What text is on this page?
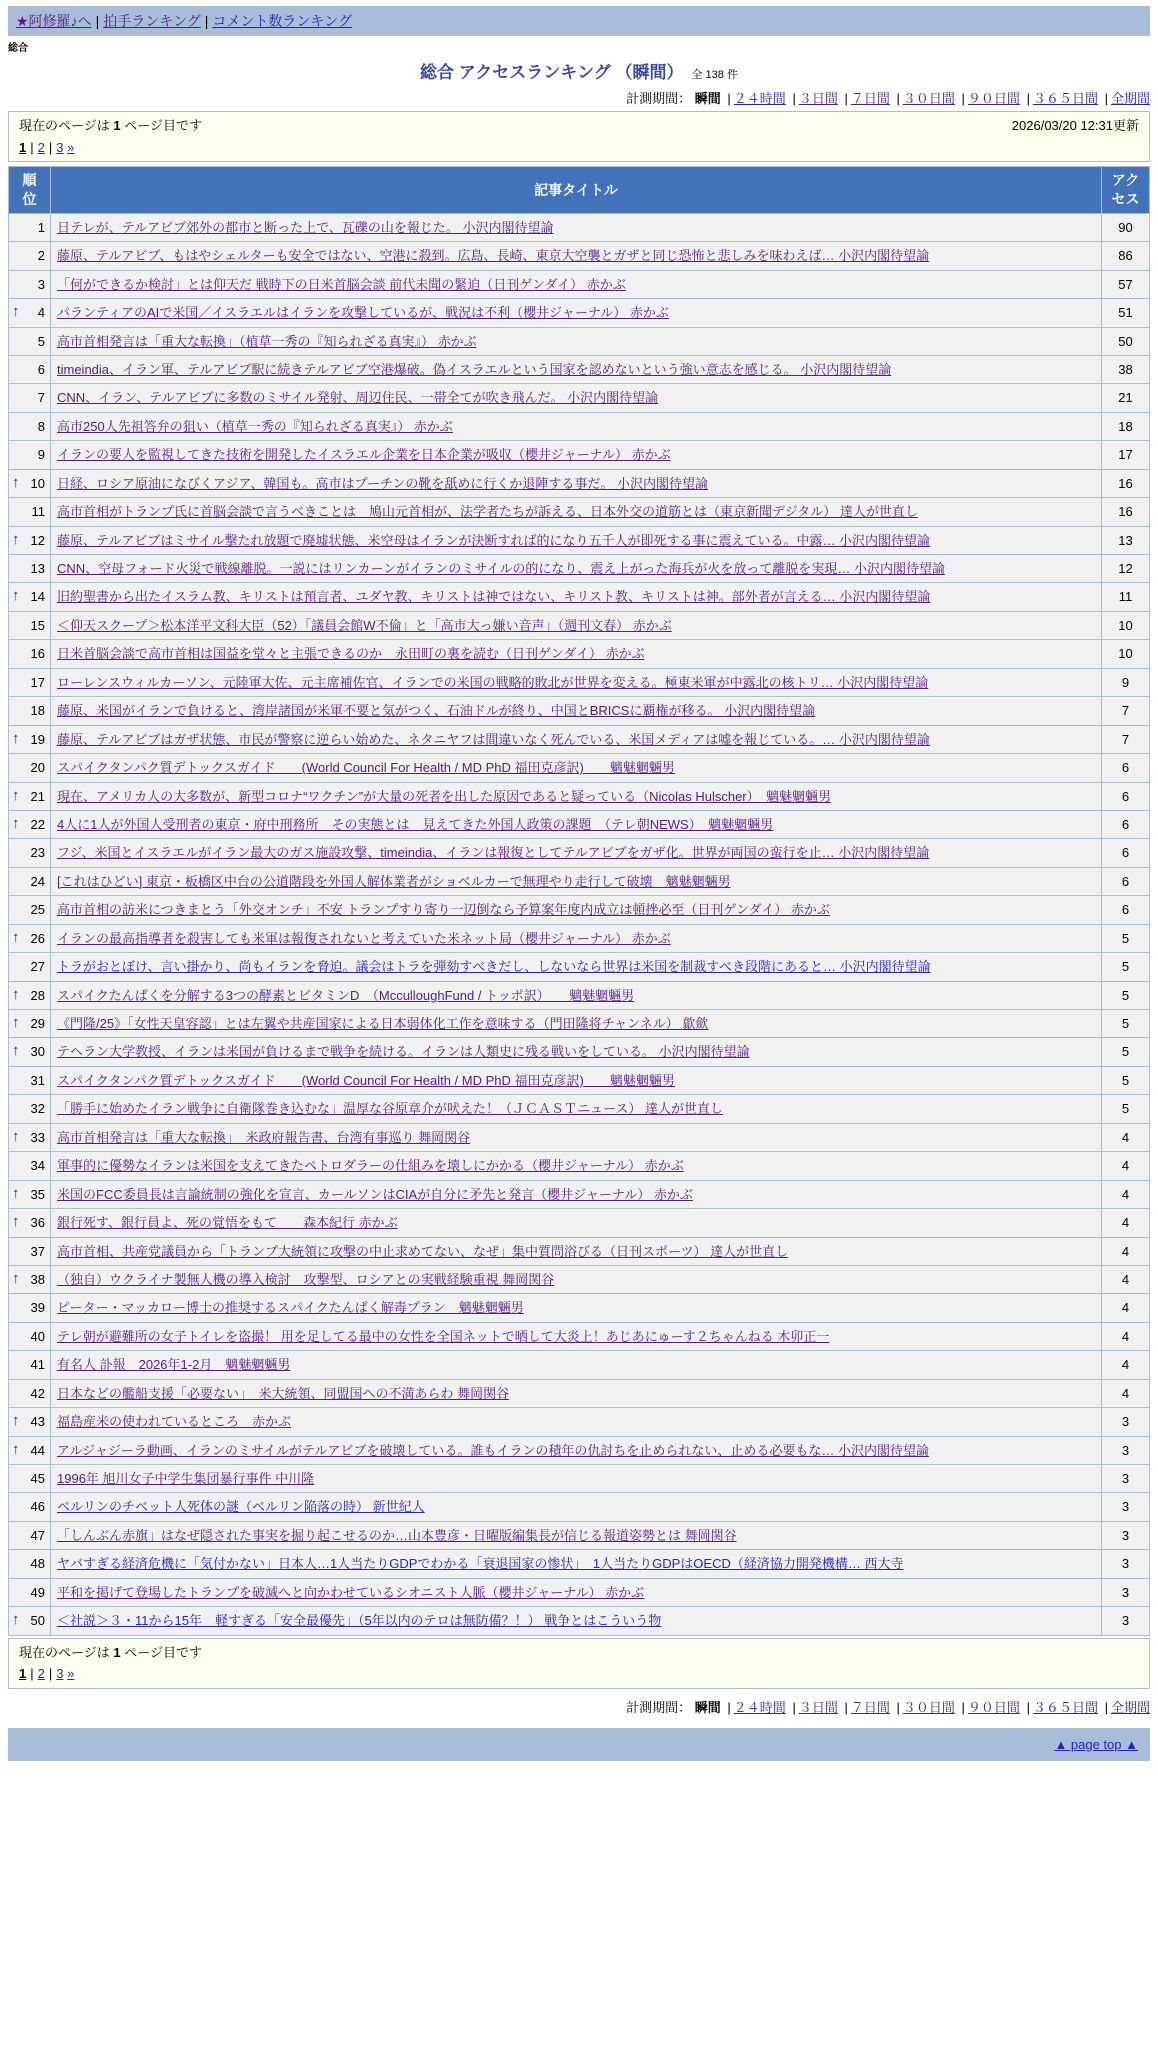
★阿修羅♪へ | 拍手ランキング | コメント数ランキング
総合
総合 アクセスランキング （瞬間） 全 138 件
計測期間： 瞬間 | ２４時間 | ３日間 | ７日間 | ３０日間 | ９０日間 | ３６５日間 | 全期間
現在のページは 1 ページ目です	2026/03/20 12:31更新
1 | 2 | 3 »
順位	記事タイトル	アクセス

1	日テレが、テルアビブ郊外の都市と断った上で、瓦礫の山を報じた。 小沢内閣待望論	90

2	藤原、テルアビブ、もはやシェルターも安全ではない、空港に殺到。広島、長崎、東京大空襲とガザと同じ恐怖と悲しみを味わえば… 小沢内閣待望論	86

3	「何ができるか検討」とは仰天だ 戦時下の日米首脳会談 前代未聞の緊迫（日刊ゲンダイ） 赤かぶ	57

↑ 4	パランティアのAIで米国／イスラエルはイランを攻撃しているが、戦況は不利（櫻井ジャーナル） 赤かぶ	51

5	高市首相発言は「重大な転換」（植草一秀の『知られざる真実』） 赤かぶ	50

6	timeindia、イラン軍、テルアビブ駅に続きテルアビブ空港爆破。偽イスラエルという国家を認めないという強い意志を感じる。 小沢内閣待望論	38

7	CNN、イラン、テルアビブに多数のミサイル発射、周辺住民、一帯全てが吹き飛んだ。 小沢内閣待望論	21

8	高市250人先祖答弁の狙い（植草一秀の『知られざる真実』） 赤かぶ	18

9	イランの要人を監視してきた技術を開発したイスラエル企業を日本企業が吸収（櫻井ジャーナル） 赤かぶ	17

↑ 10	日経、ロシア原油になびくアジア、韓国も。高市はプーチンの靴を舐めに行くか退陣する事だ。 小沢内閣待望論	16

11	高市首相がトランプ氏に首脳会談で言うべきことは　鳩山元首相が、法学者たちが訴える、日本外交の道筋とは（東京新聞デジタル） 達人が世直し	16

↑ 12	藤原、テルアビブはミサイル撃たれ放題で廃墟状態、米空母はイランが決断すれば的になり五千人が即死する事に震えている。中露… 小沢内閣待望論	13

13	CNN、空母フォード火災で戦線離脱。一説にはリンカーンがイランのミサイルの的になり、震え上がった海兵が火を放って離脱を実現… 小沢内閣待望論	12

↑ 14	旧約聖書から出たイスラム教、キリストは預言者、ユダヤ教、キリストは神ではない、キリスト教、キリストは神。部外者が言える… 小沢内閣待望論	11

15	＜仰天スクープ＞松本洋平文科大臣（52）「議員会館W不倫」と「高市大っ嫌い音声」（週刊文春） 赤かぶ	10

16	日米首脳会談で高市首相は国益を堂々と主張できるのか　永田町の裏を読む（日刊ゲンダイ） 赤かぶ	10

17	ローレンスウィルカーソン、元陸軍大佐、元主席補佐官、イランでの米国の戦略的敗北が世界を変える。極東米軍が中露北の核トリ… 小沢内閣待望論	9

18	藤原、米国がイランで負けると、湾岸諸国が米軍不要と気がつく、石油ドルが終り、中国とBRICSに覇権が移る。 小沢内閣待望論	7

↑ 19	藤原、テルアビブはガザ状態、市民が警察に逆らい始めた、ネタニヤフは間違いなく死んでいる、米国メディアは嘘を報じている。… 小沢内閣待望論	7

20	スパイクタンパク質デトックスガイド　　(World Council For Health / MD PhD 福田克彦訳)　　魑魅魍魎男	6

↑ 21	現在、アメリカ人の大多数が、新型コロナ“ワクチン”が大量の死者を出した原因であると疑っている（Nicolas Hulscher）　魑魅魍魎男	6

↑ 22	4人に1人が外国人受刑者の東京・府中刑務所　その実態とは　見えてきた外国人政策の課題　（テレ朝NEWS）　魑魅魍魎男	6

23	フジ、米国とイスラエルがイラン最大のガス施設攻撃、timeindia、イランは報復としてテルアビブをガザ化。世界が両国の蛮行を止… 小沢内閣待望論	6

24	[これはひどい] 東京・板橋区中台の公道階段を外国人解体業者がショベルカーで無理やり走行して破壊　魑魅魍魎男	6

25	高市首相の訪米につきまとう「外交オンチ」不安 トランプすり寄り一辺倒なら予算案年度内成立は頓挫必至（日刊ゲンダイ） 赤かぶ	6

↑ 26	イランの最高指導者を殺害しても米軍は報復されないと考えていた米ネット局（櫻井ジャーナル） 赤かぶ	5

27	トラがおとぼけ、言い掛かり、尚もイランを脅迫。議会はトラを弾劾すべきだし、しないなら世界は米国を制裁すべき段階にあると… 小沢内閣待望論	5

↑ 28	スパイクたんぱくを分解する3つの酵素とビタミンD　（McculloughFund / トッポ訳）　　魑魅魍魎男	5

↑ 29	《門隆/25》「女性天皇容認」とは左翼や共産国家による日本弱体化工作を意味する（門田隆将チャンネル） 歙歛	5

↑ 30	テヘラン大学教授、イランは米国が負けるまで戦争を続ける。イランは人類史に残る戦いをしている。 小沢内閣待望論	5

31	スパイクタンパク質デトックスガイド　　(World Council For Health / MD PhD 福田克彦訳)　　魑魅魍魎男	5

32	「勝手に始めたイラン戦争に自衛隊巻き込むな」温厚な谷原章介が吠えた！（ＪＣＡＳＴニュース） 達人が世直し	5

↑ 33	高市首相発言は「重大な転換」　米政府報告書、台湾有事巡り 舞岡関谷	4

34	軍事的に優勢なイランは米国を支えてきたペトロダラーの仕組みを壊しにかかる（櫻井ジャーナル） 赤かぶ	4

↑ 35	米国のFCC委員長は言論統制の強化を宣言、カールソンはCIAが自分に矛先と発言（櫻井ジャーナル） 赤かぶ	4

↑ 36	銀行死す、銀行員よ、死の覚悟をもて　　森本紀行 赤かぶ	4

37	高市首相、共産党議員から「トランプ大統領に攻撃の中止求めてない、なぜ」集中質問浴びる（日刊スポーツ） 達人が世直し	4

↑ 38	（独自）ウクライナ製無人機の導入検討　攻撃型、ロシアとの実戦経験重視 舞岡関谷	4

39	ピーター・マッカロー博士の推奨するスパイクたんぱく解毒プラン　魑魅魍魎男	4

40	テレ朝が避難所の女子トイレを盗撮！ 用を足してる最中の女性を全国ネットで晒して大炎上！あじあにゅーす２ちゃんねる 木卯正一	4

41	有名人 訃報　2026年1-2月　魑魅魍魎男	4

42	日本などの艦船支援「必要ない」　米大統領、同盟国への不満あらわ 舞岡関谷	4

↑ 43	福島産米の使われているところ　赤かぶ	3

↑ 44	アルジャジーラ動画、イランのミサイルがテルアビブを破壊している。誰もイランの積年の仇討ちを止められない、止める必要もな… 小沢内閣待望論	3

45	1996年 旭川女子中学生集団暴行事件 中川隆	3

46	ベルリンのチベット人死体の謎（ベルリン陥落の時） 新世紀人	3

47	「しんぶん赤旗」はなぜ隠された事実を掘り起こせるのか…山本豊彦・日曜版編集長が信じる報道姿勢とは 舞岡関谷	3

48	ヤバすぎる経済危機に「気付かない」日本人…1人当たりGDPでわかる「衰退国家の惨状」　1人当たりGDPはOECD（経済協力開発機構… 西大寺	3

49	平和を掲げて登場したトランプを破滅へと向かわせているシオニスト人脈（櫻井ジャーナル） 赤かぶ	3

↑ 50	＜社説＞３・11から15年　軽すぎる「安全最優先」（5年以内のテロは無防備？！） 戦争とはこういう物	3
現在のページは 1 ページ目です
1 | 2 | 3 »
計測期間： 瞬間 | ２４時間 | ３日間 | ７日間 | ３０日間 | ９０日間 | ３６５日間 | 全期間
▲ page top ▲
